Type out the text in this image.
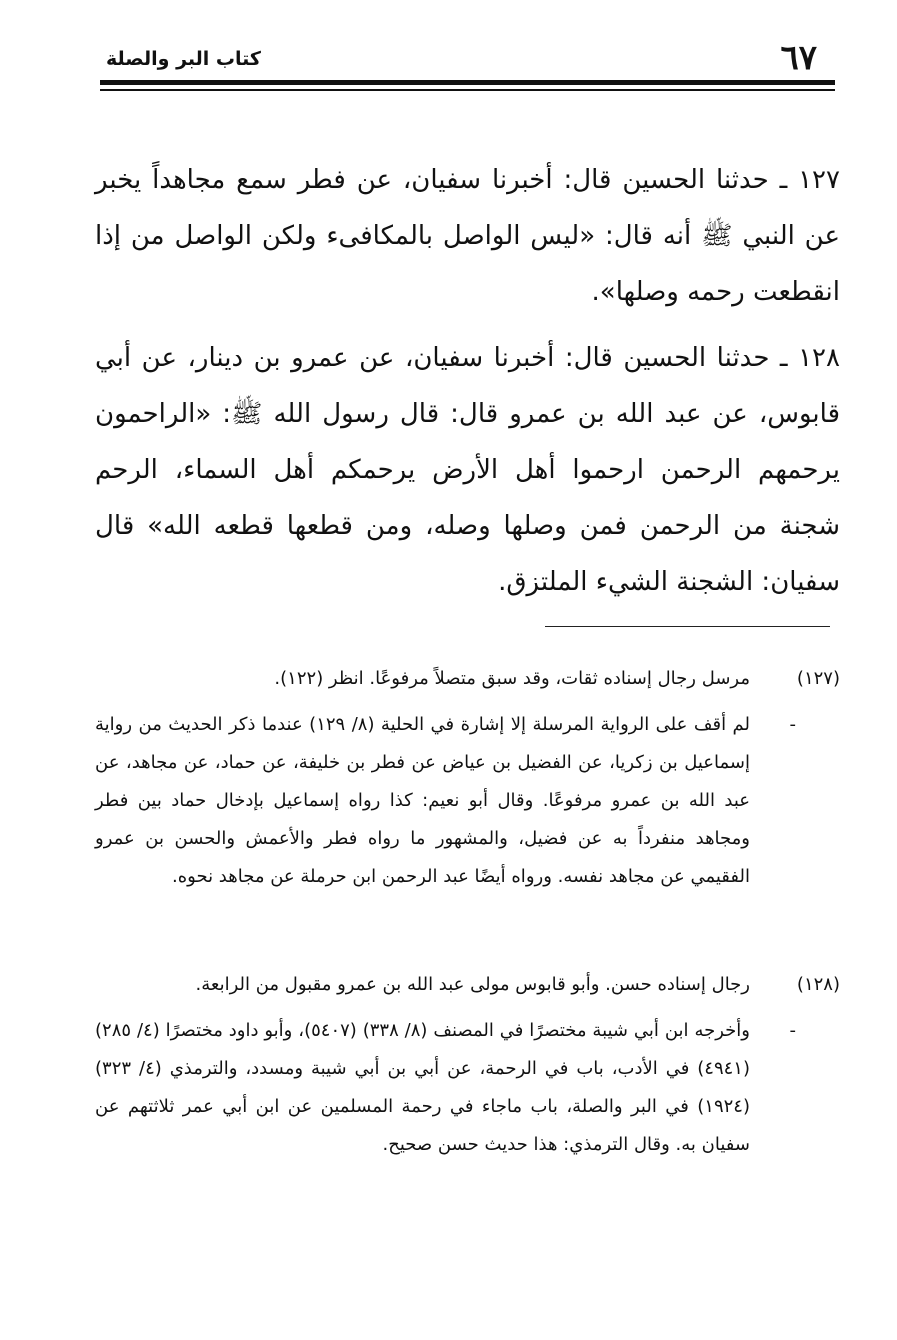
٦٧
كتاب البر والصلة

١٢٧ ـ حدثنا الحسين قال: أخبرنا سفيان، عن فطر سمع مجاهداً يخبر عن النبي ﷺ أنه قال: «ليس الواصل بالمكافىء ولكن الواصل من إذا انقطعت رحمه وصلها».

١٢٨ ـ حدثنا الحسين قال: أخبرنا سفيان، عن عمرو بن دينار، عن أبي قابوس، عن عبد الله بن عمرو قال: قال رسول الله ﷺ: «الراحمون يرحمهم الرحمن ارحموا أهل الأرض يرحمكم أهل السماء، الرحم شجنة من الرحمن فمن وصلها وصله، ومن قطعها قطعه الله» قال سفيان: الشجنة الشيء الملتزق.

(١٢٧)
مرسل رجال إسناده ثقات، وقد سبق متصلاً مرفوعًا. انظر (١٢٢).
-
لم أقف على الرواية المرسلة إلا إشارة في الحلية (٨/ ١٢٩) عندما ذكر الحديث من رواية إسماعيل بن زكريا، عن الفضيل بن عياض عن فطر بن خليفة، عن حماد، عن مجاهد، عن عبد الله بن عمرو مرفوعًا. وقال أبو نعيم: كذا رواه إسماعيل بإدخال حماد بين فطر ومجاهد منفرداً به عن فضيل، والمشهور ما رواه فطر والأعمش والحسن بن عمرو الفقيمي عن مجاهد نفسه. ورواه أيضًا عبد الرحمن ابن حرملة عن مجاهد نحوه.
(١٢٨)
رجال إسناده حسن. وأبو قابوس مولى عبد الله بن عمرو مقبول من الرابعة.
-
وأخرجه ابن أبي شيبة مختصرًا في المصنف (٨/ ٣٣٨) (٥٤٠٧)، وأبو داود مختصرًا (٤/ ٢٨٥) (٤٩٤١) في الأدب، باب في الرحمة، عن أبي بن أبي شيبة ومسدد، والترمذي (٤/ ٣٢٣) (١٩٢٤) في البر والصلة، باب ماجاء في رحمة المسلمين عن ابن أبي عمر ثلاثتهم عن سفيان به. وقال الترمذي: هذا حديث حسن صحيح.
